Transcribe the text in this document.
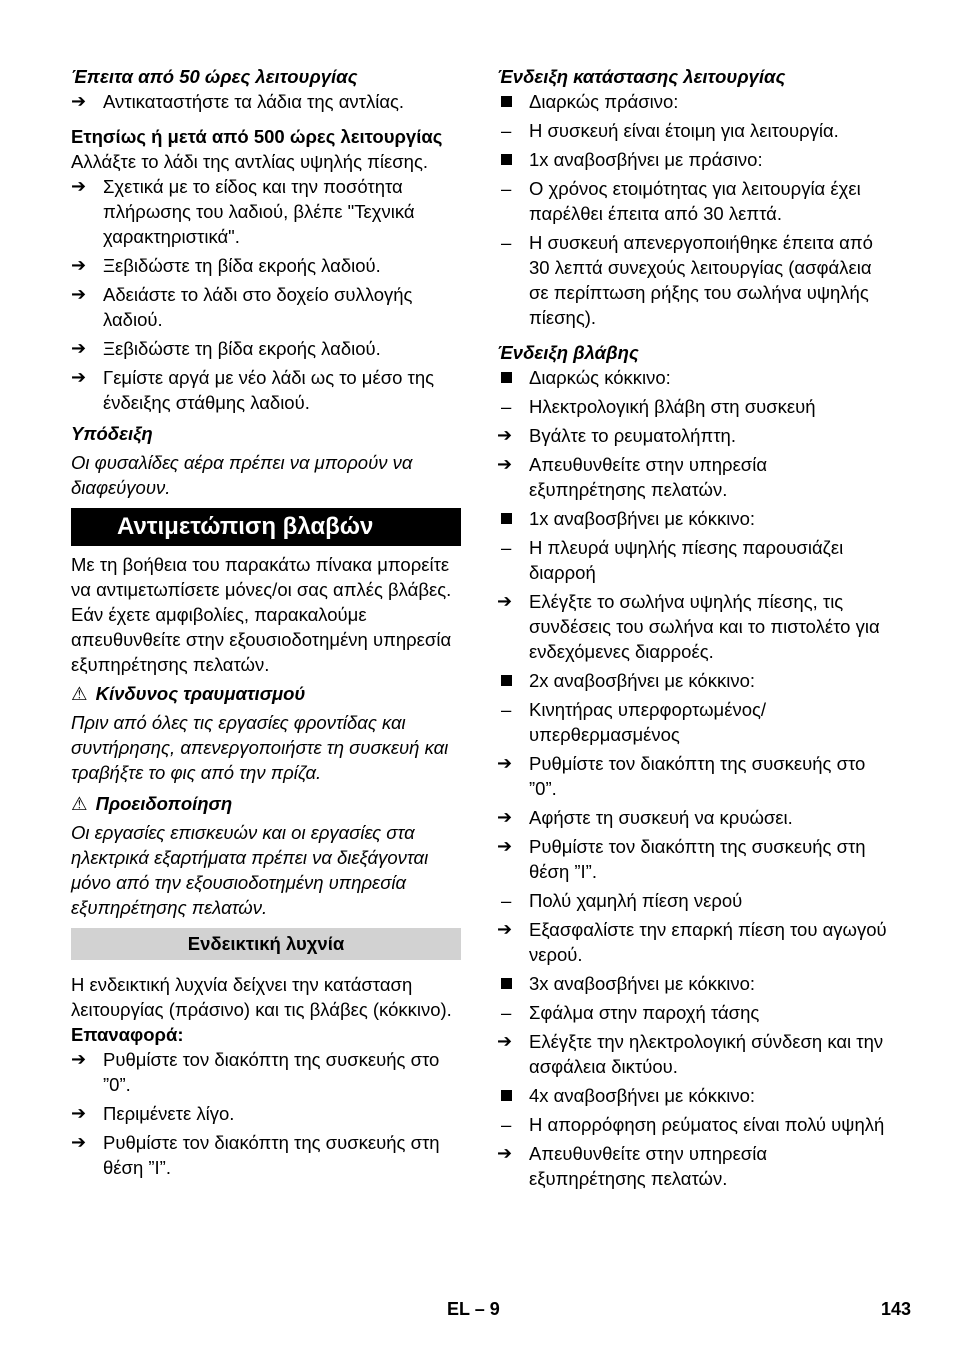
Έπειτα από 50 ώρες λειτουργίας

➔ Αντικαταστήστε τα λάδια της αντλίας.

Ετησίως ή μετά από 500 ώρες λειτουργίας

Αλλάξτε το λάδι της αντλίας υψηλής πίεσης.

➔ Σχετικά με το είδος και την ποσότητα πλήρωσης του λαδιού, βλέπε "Τεχνικά χαρακτηριστικά".
➔ Ξεβιδώστε τη βίδα εκροής λαδιού.
➔ Αδειάστε το λάδι στο δοχείο συλλογής λαδιού.
➔ Ξεβιδώστε τη βίδα εκροής λαδιού.
➔ Γεμίστε αργά με νέο λάδι ως το μέσο της ένδειξης στάθμης λαδιού.

Υπόδειξη

Οι φυσαλίδες αέρα πρέπει να μπορούν να διαφεύγουν.

Αντιμετώπιση βλαβών

Με τη βοήθεια του παρακάτω πίνακα μπορείτε να αντιμετωπίσετε μόνες/οι σας απλές βλάβες.

Εάν έχετε αμφιβολίες, παρακαλούμε απευθυνθείτε στην εξουσιοδοτημένη υπηρεσία εξυπηρέτησης πελατών.

⚠ Κίνδυνος τραυματισμού

Πριν από όλες τις εργασίες φροντίδας και συντήρησης, απενεργοποιήστε τη συσκευή και τραβήξτε το φις από την πρίζα.

⚠ Προειδοποίηση

Οι εργασίες επισκευών και οι εργασίες στα ηλεκτρικά εξαρτήματα πρέπει να διεξάγονται μόνο από την εξουσιοδοτημένη υπηρεσία εξυπηρέτησης πελατών.

Ενδεικτική λυχνία

Η ενδεικτική λυχνία δείχνει την κατάσταση λειτουργίας (πράσινο) και τις βλάβες (κόκκινο).

Επαναφορά:

➔ Ρυθμίστε τον διακόπτη της συσκευής στο ”0”.
➔ Περιμένετε λίγο.
➔ Ρυθμίστε τον διακόπτη της συσκευής στη θέση ”I”.

Ένδειξη κατάστασης λειτουργίας

Διαρκώς πράσινο:
– Η συσκευή είναι έτοιμη για λειτουργία.
1x αναβοσβήνει με πράσινο:
– Ο χρόνος ετοιμότητας για λειτουργία έχει παρέλθει έπειτα από 30 λεπτά.
– Η συσκευή απενεργοποιήθηκε έπειτα από 30 λεπτά συνεχούς λειτουργίας (ασφάλεια σε περίπτωση ρήξης του σωλήνα υψηλής πίεσης).

Ένδειξη βλάβης

Διαρκώς κόκκινο:
– Ηλεκτρολογική βλάβη στη συσκευή
➔ Βγάλτε το ρευματολήπτη.
➔ Απευθυνθείτε στην υπηρεσία εξυπηρέτησης πελατών.
1x αναβοσβήνει με κόκκινο:
– Η πλευρά υψηλής πίεσης παρουσιάζει διαρροή
➔ Ελέγξτε το σωλήνα υψηλής πίεσης, τις συνδέσεις του σωλήνα και το πιστολέτο για ενδεχόμενες διαρροές.
2x αναβοσβήνει με κόκκινο:
– Κινητήρας υπερφορτωμένος/υπερθερμασμένος
➔ Ρυθμίστε τον διακόπτη της συσκευής στο ”0”.
➔ Αφήστε τη συσκευή να κρυώσει.
➔ Ρυθμίστε τον διακόπτη της συσκευής στη θέση ”I”.
– Πολύ χαμηλή πίεση νερού
➔ Εξασφαλίστε την επαρκή πίεση του αγωγού νερού.
3x αναβοσβήνει με κόκκινο:
– Σφάλμα στην παροχή τάσης
➔ Ελέγξτε την ηλεκτρολογική σύνδεση και την ασφάλεια δικτύου.
4x αναβοσβήνει με κόκκινο:
– Η απορρόφηση ρεύματος είναι πολύ υψηλή
➔ Απευθυνθείτε στην υπηρεσία εξυπηρέτησης πελατών.
EL – 9	143
